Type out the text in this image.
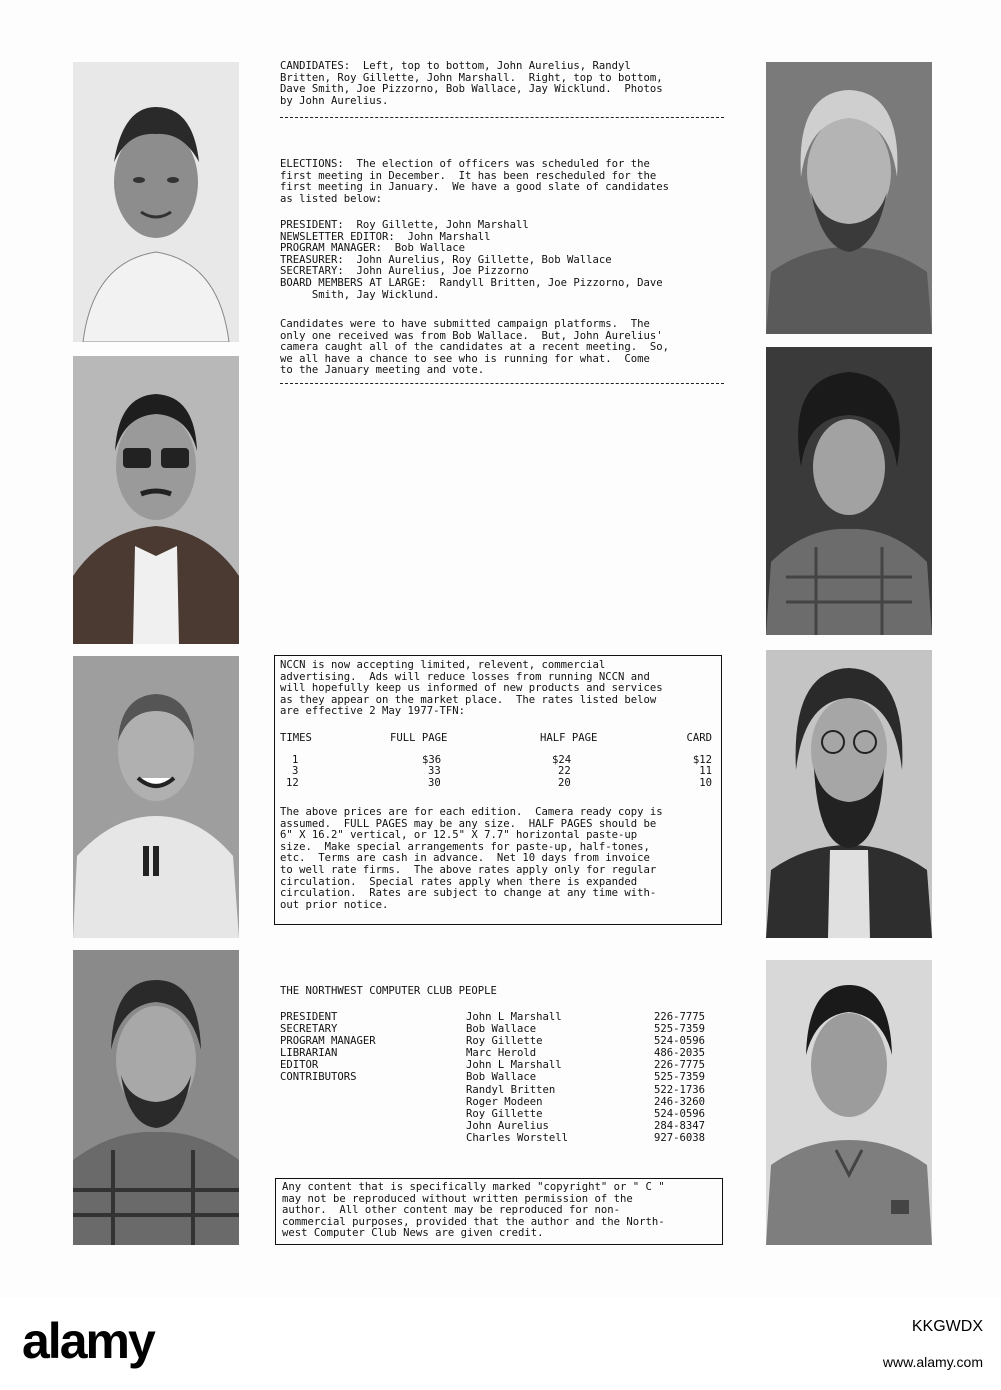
CANDIDATES:  Left, top to bottom, John Aurelius, Randyl
Britten, Roy Gillette, John Marshall.  Right, top to bottom,
Dave Smith, Joe Pizzorno, Bob Wallace, Jay Wicklund.  Photos
by John Aurelius.
ELECTIONS:  The election of officers was scheduled for the
first meeting in December.  It has been rescheduled for the
first meeting in January.  We have a good slate of candidates
as listed below:
PRESIDENT:  Roy Gillette, John Marshall
NEWSLETTER EDITOR:  John Marshall
PROGRAM MANAGER:  Bob Wallace
TREASURER:  John Aurelius, Roy Gillette, Bob Wallace
SECRETARY:  John Aurelius, Joe Pizzorno
BOARD MEMBERS AT LARGE:  Randyll Britten, Joe Pizzorno, Dave
Smith, Jay Wicklund.
Candidates were to have submitted campaign platforms.  The
only one received was from Bob Wallace.  But, John Aurelius'
camera caught all of the candidates at a recent meeting.  So,
we all have a chance to see who is running for what.  Come
to the January meeting and vote.
NCCN is now accepting limited, relevent, commercial
advertising.  Ads will reduce losses from running NCCN and
will hopefully keep us informed of new products and services
as they appear on the market place.  The rates listed below
are effective 2 May 1977-TFN:
TIMES	FULL PAGE	HALF PAGE	CARD

1	$36	$24	$12
3	33	22	11
12	30	20	10
The above prices are for each edition.  Camera ready copy is
assumed.  FULL PAGES may be any size.  HALF PAGES should be
6" X 16.2" vertical, or 12.5" X 7.7" horizontal paste-up
size.  Make special arrangements for paste-up, half-tones,
etc.  Terms are cash in advance.  Net 10 days from invoice
to well rate firms.  The above rates apply only for regular
circulation.  Special rates apply when there is expanded
circulation.  Rates are subject to change at any time with-
out prior notice.
THE NORTHWEST COMPUTER CLUB PEOPLE
PRESIDENT	John L Marshall	226-7775
SECRETARY	Bob Wallace	525-7359
PROGRAM MANAGER	Roy Gillette	524-0596
LIBRARIAN	Marc Herold	486-2035
EDITOR	John L Marshall	226-7775
CONTRIBUTORS	Bob Wallace	525-7359
	Randyl Britten	522-1736
	Roger Modeen	246-3260
	Roy Gillette	524-0596
	John Aurelius	284-8347
	Charles Worstell	927-6038
Any content that is specifically marked "copyright" or " C "
may not be reproduced without written permission of the
author.  All other content may be reproduced for non-
commercial purposes, provided that the author and the North-
west Computer Club News are given credit.
alamy	KKGWDX
www.alamy.com
